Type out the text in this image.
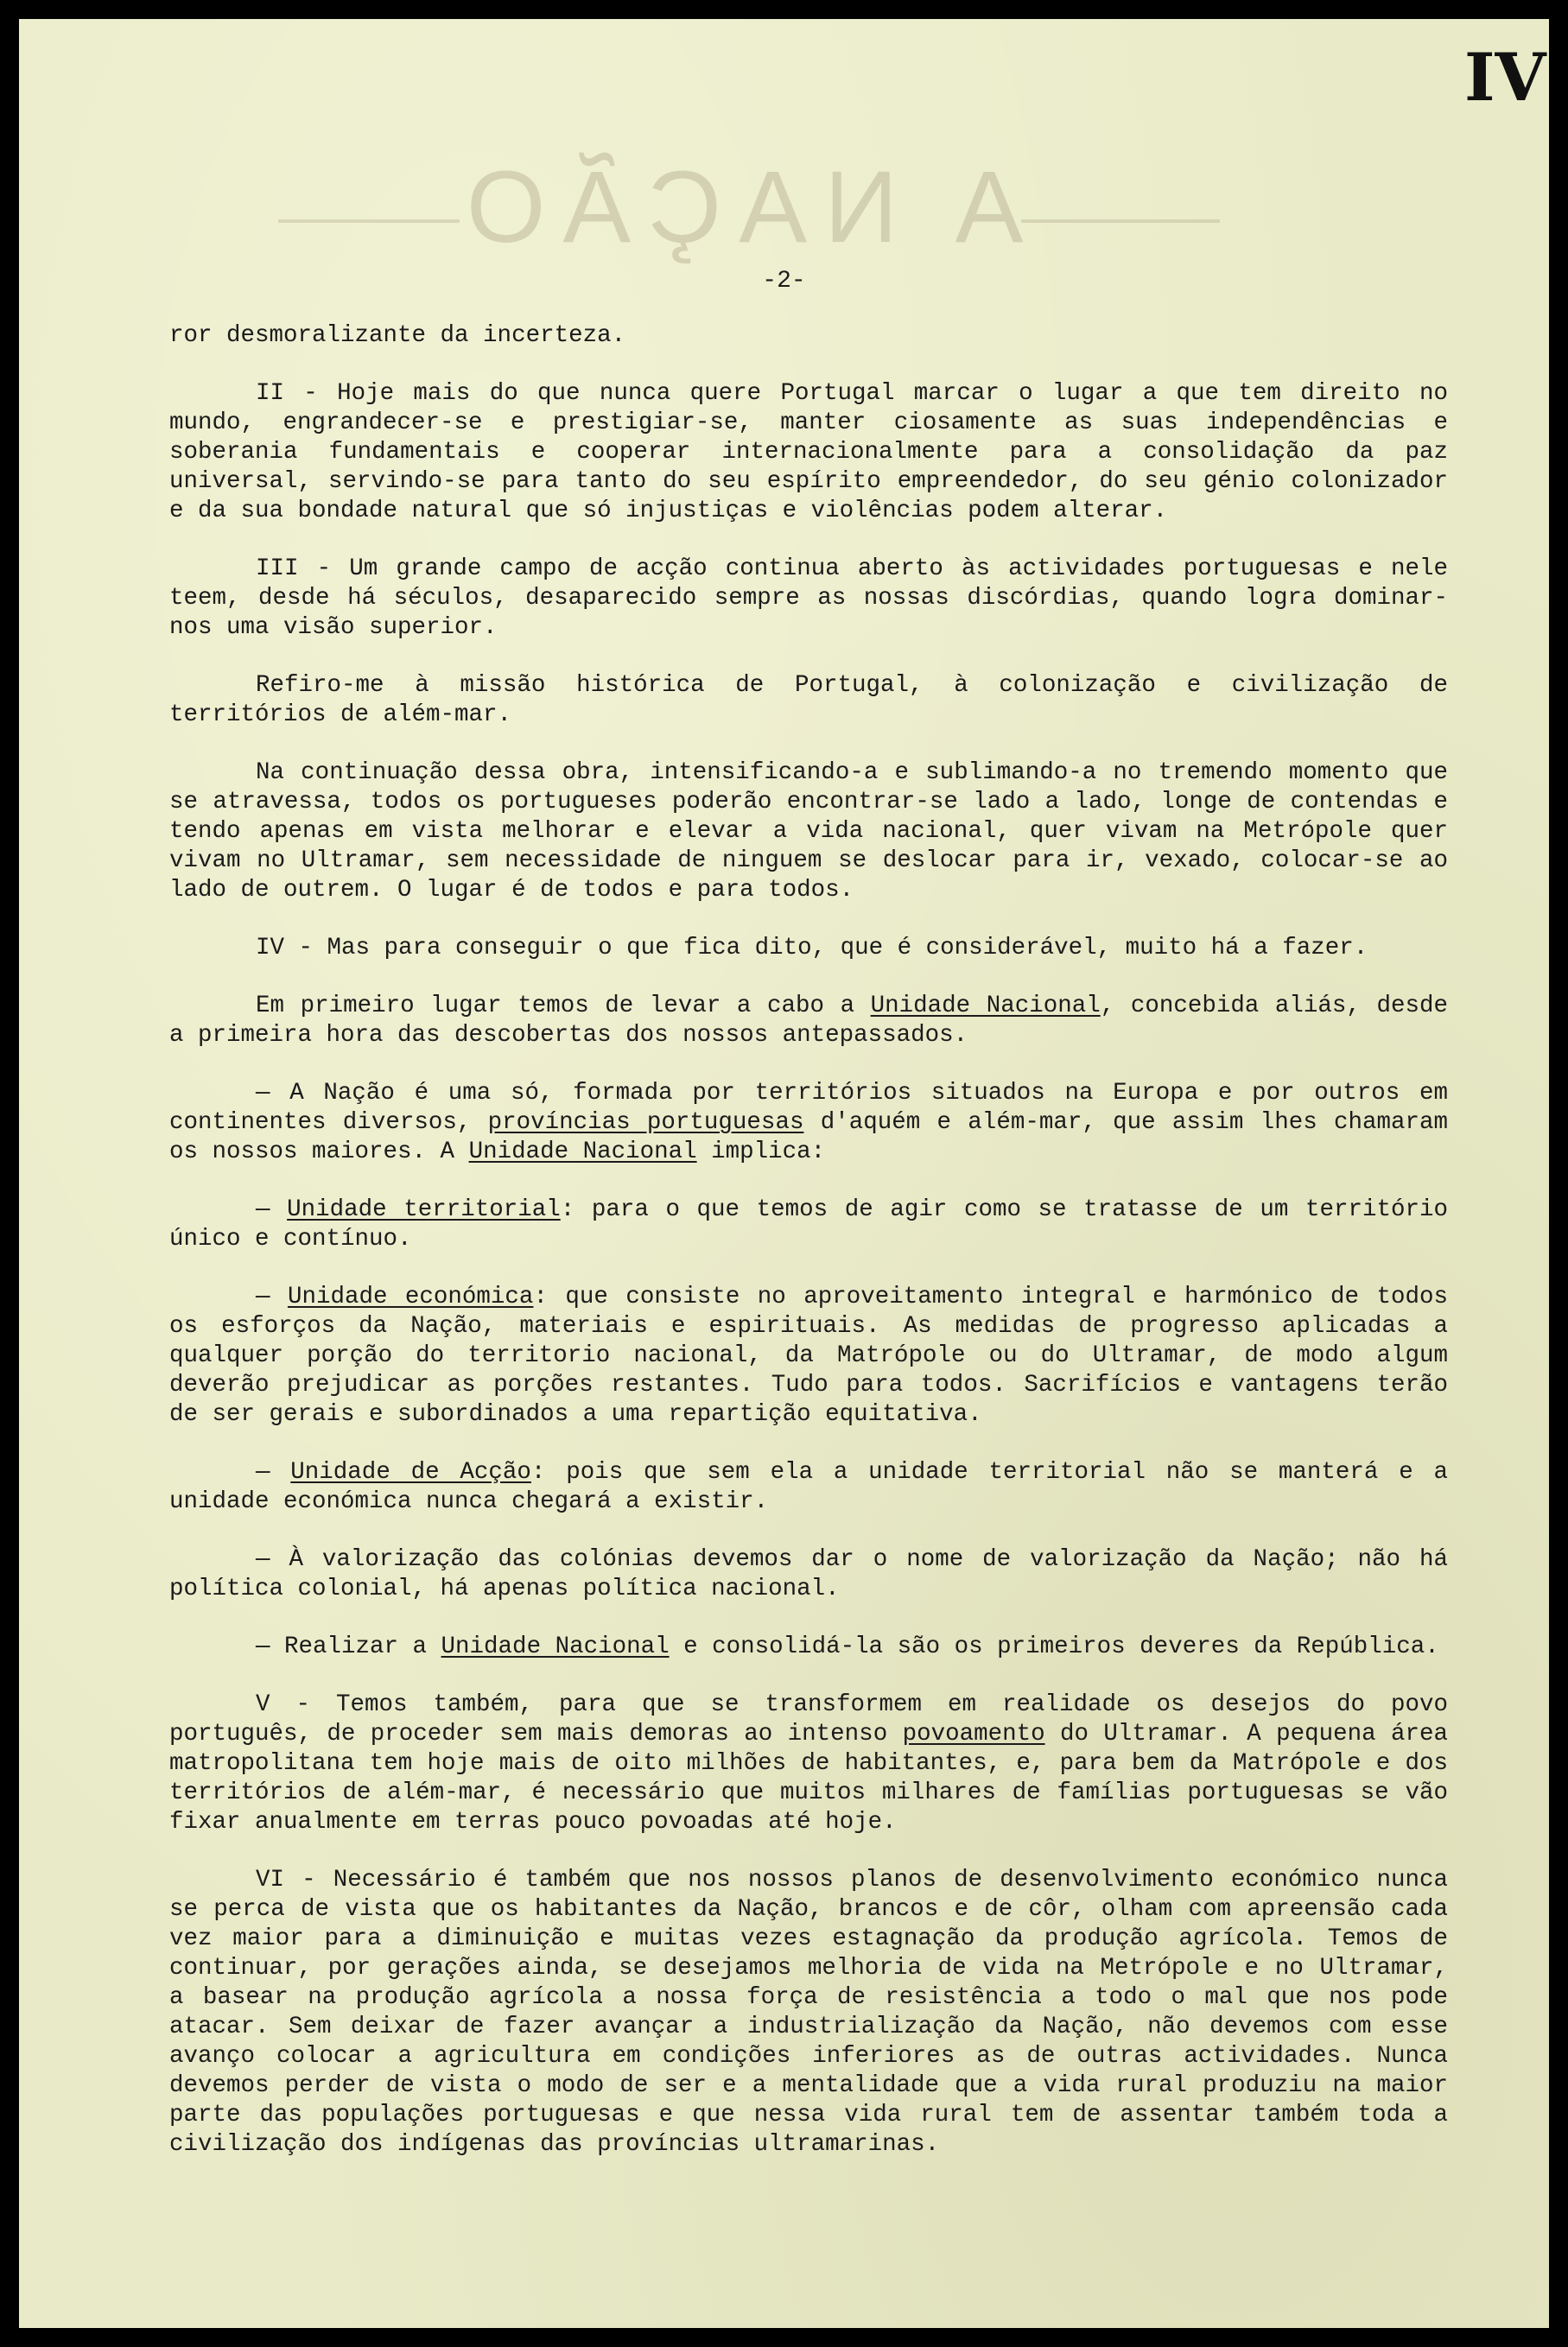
A NAÇÃO
IV
-2-

ror desmoralizante da incerteza.

II - Hoje mais do que nunca quere Portugal marcar o lugar a que tem direito no mundo, engrandecer-se e prestigiar-se, manter ciosamente as suas independências e soberania fundamentais e cooperar internacionalmente para a consolidação da paz universal, servindo-se para tanto do seu espírito empreendedor, do seu génio colonizador e da sua bondade natural que só injustiças e violências podem alterar.

III - Um grande campo de acção continua aberto às actividades portuguesas e nele teem, desde há séculos, desaparecido sempre as nossas discórdias, quando logra dominar-nos uma visão superior.

Refiro-me à missão histórica de Portugal, à colonização e civilização de territórios de além-mar.

Na continuação dessa obra, intensificando-a e sublimando-a no tremendo momento que se atravessa, todos os portugueses poderão encontrar-se lado a lado, longe de contendas e tendo apenas em vista melhorar e elevar a vida nacional, quer vivam na Metrópole quer vivam no Ultramar, sem necessidade de ninguem se deslocar para ir, vexado, colocar-se ao lado de outrem. O lugar é de todos e para todos.

IV - Mas para conseguir o que fica dito, que é considerável, muito há a fazer.

Em primeiro lugar temos de levar a cabo a Unidade Nacional, concebida aliás, desde a primeira hora das descobertas dos nossos antepassados.

— A Nação é uma só, formada por territórios situados na Europa e por outros em continentes diversos, províncias portuguesas d'aquém e além-mar, que assim lhes chamaram os nossos maiores. A Unidade Nacional implica:

— Unidade territorial: para o que temos de agir como se tratasse de um território único e contínuo.

— Unidade económica: que consiste no aproveitamento integral e harmónico de todos os esforços da Nação, materiais e espirituais. As medidas de progresso aplicadas a qualquer porção do territorio nacional, da Matrópole ou do Ultramar, de modo algum deverão prejudicar as porções restantes. Tudo para todos. Sacrifícios e vantagens terão de ser gerais e subordinados a uma repartição equitativa.

— Unidade de Acção: pois que sem ela a unidade territorial não se manterá e a unidade económica nunca chegará a existir.

— À valorização das colónias devemos dar o nome de valorização da Nação; não há política colonial, há apenas política nacional.

— Realizar a Unidade Nacional e consolidá-la são os primeiros deveres da República.

V - Temos também, para que se transformem em realidade os desejos do povo português, de proceder sem mais demoras ao intenso povoamento do Ultramar. A pequena área matropolitana tem hoje mais de oito milhões de habitantes, e, para bem da Matrópole e dos territórios de além-mar, é necessário que muitos milhares de famílias portuguesas se vão fixar anualmente em terras pouco povoadas até hoje.

VI - Necessário é também que nos nossos planos de desenvolvimento económico nunca se perca de vista que os habitantes da Nação, brancos e de côr, olham com apreensão cada vez maior para a diminuição e muitas vezes estagnação da produção agrícola. Temos de continuar, por gerações ainda, se desejamos melhoria de vida na Metrópole e no Ultramar, a basear na produção agrícola a nossa força de resistência a todo o mal que nos pode atacar. Sem deixar de fazer avançar a industrialização da Nação, não devemos com esse avanço colocar a agricultura em condições inferiores as de outras actividades. Nunca devemos perder de vista o modo de ser e a mentalidade que a vida rural produziu na maior parte das populações portuguesas e que nessa vida rural tem de assentar também toda a civilização dos indígenas das províncias ultramarinas.
